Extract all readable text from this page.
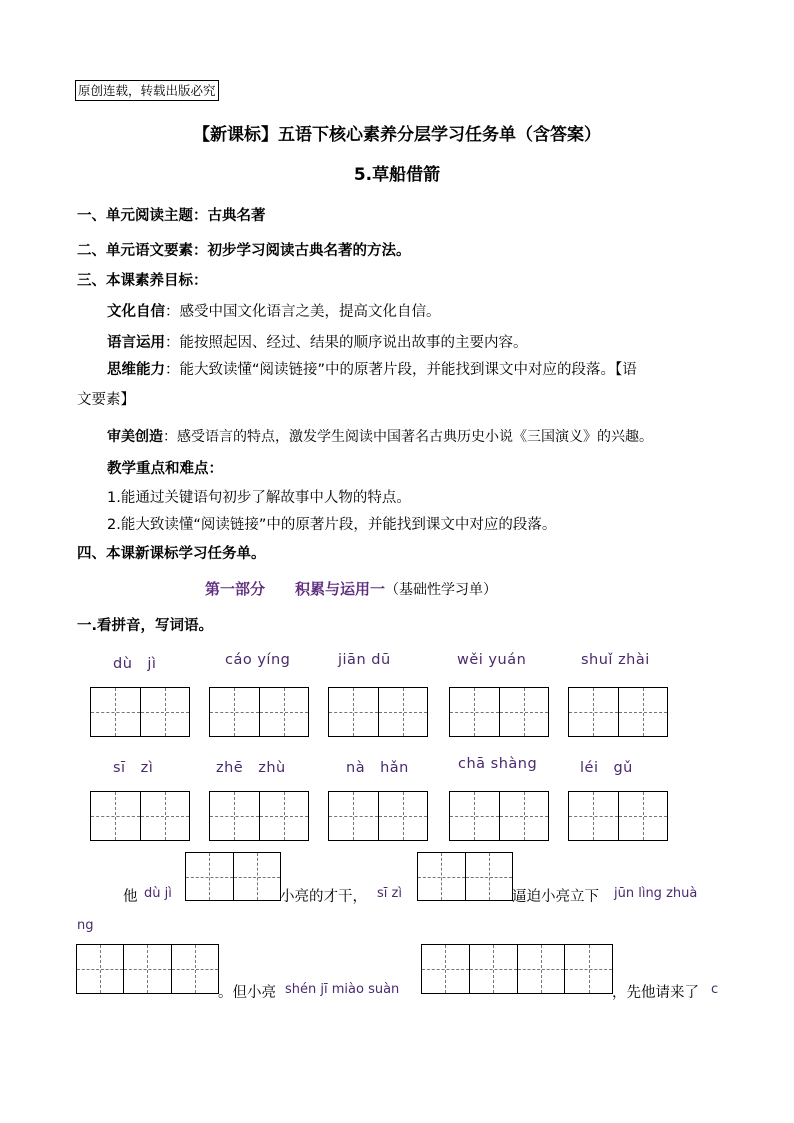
原创连载，转载出版必究
【新课标】五语下核心素养分层学习任务单（含答案）
5.草船借箭
一、单元阅读主题：古典名著
二、单元语文要素：初步学习阅读古典名著的方法。
三、本课素养目标：
文化自信：感受中国文化语言之美，提高文化自信。
语言运用：能按照起因、经过、结果的顺序说出故事的主要内容。
思维能力：能大致读懂“阅读链接”中的原著片段，并能找到课文中对应的段落。【语
文要素】
审美创造：感受语言的特点，激发学生阅读中国著名古典历史小说《三国演义》的兴趣。
教学重点和难点：
1.能通过关键语句初步了解故事中人物的特点。
2.能大致读懂“阅读链接”中的原著片段，并能找到课文中对应的段落。
四、本课新课标学习任务单。
第一部分　　积累与运用一（基础性学习单）
一.看拼音，写词语。
dù　jì	cáo yíng	jiān dū	wěi yuán	shuǐ zhài
sī　zì	zhē　zhù	nà　hǎn	chā shàng	léi　gǔ
他 dù jì	小亮的才干， sī zì	逼迫小亮立下 jūn lìng zhuà
ng
。但小亮 shén jī miào suàn	，先他请来了 c
